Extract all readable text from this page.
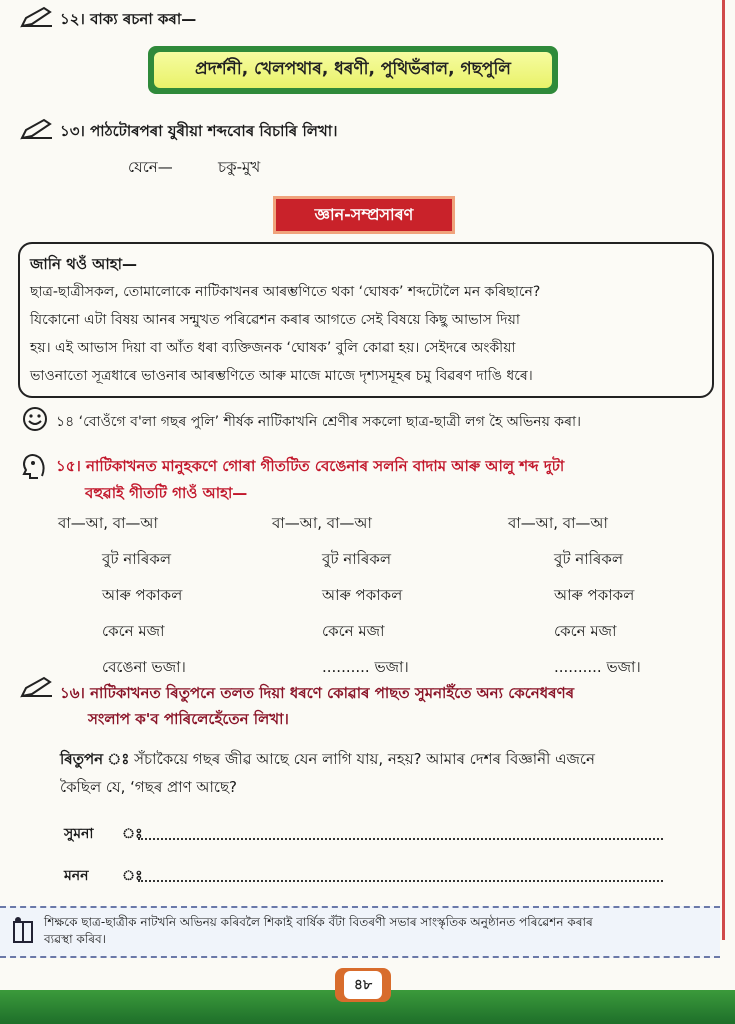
১২। বাক্য ৰচনা কৰা—
প্ৰদৰ্শনী, খেলপথাৰ, ধৰণী, পুথিভঁৰাল, গছপুলি
১৩। পাঠটোৰপৰা যুৰীয়া শব্দবোৰ বিচাৰি লিখা।
যেনে—	চকু-মুখ
জ্ঞান-সম্প্ৰসাৰণ
জানি থওঁ আহা—
ছাত্ৰ-ছাত্ৰীসকল, তোমালোকে নাটিকাখনৰ আৰম্ভণিতে থকা ‘ঘোষক’ শব্দটোলৈ মন কৰিছানে?
যিকোনো এটা বিষয় আনৰ সন্মুখত পৰিৱেশন কৰাৰ আগতে সেই বিষয়ে কিছু আভাস দিয়া
হয়। এই আভাস দিয়া বা আঁত ধৰা ব্যক্তিজনক ‘ঘোষক’ বুলি কোৱা হয়। সেইদৰে অংকীয়া
ভাওনাতো সূত্ৰধাৰে ভাওনাৰ আৰম্ভণিতে আৰু মাজে মাজে দৃশ্যসমূহৰ চমু বিৱৰণ দাঙি ধৰে।
১৪ ‘বোওঁগে ব'লা গছৰ পুলি’ শীৰ্ষক নাটিকাখনি শ্ৰেণীৰ সকলো ছাত্ৰ-ছাত্ৰী লগ হৈ অভিনয় কৰা।
১৫। নাটিকাখনত মানুহকণে গোৰা গীতটিত বেঙেনাৰ সলনি বাদাম আৰু আলু শব্দ দুটা
বহুৱাই গীতটি গাওঁ আহা—
বা—আ, বা—আ
বুট নাৰিকল
আৰু পকাকল
কেনে মজা
বেঙেনা ভজা।
বা—আ, বা—আ
বুট নাৰিকল
আৰু পকাকল
কেনে মজা
.......... ভজা।
বা—আ, বা—আ
বুট নাৰিকল
আৰু পকাকল
কেনে মজা
.......... ভজা।
১৬। নাটিকাখনত ৰিতুপনে তলত দিয়া ধৰণে কোৱাৰ পাছত সুমনাইঁতে অন্য কেনেধৰণৰ
সংলাপ ক'ব পাৰিলেহেঁতেন লিখা।
ৰিতুপন ঃ সঁচাকৈয়ে গছৰ জীৱ আছে যেন লাগি যায়, নহয়? আমাৰ দেশৰ বিজ্ঞানী এজনে
কৈছিল যে, ‘গছৰ প্ৰাণ আছে?
সুমনা ঃ
মনন ঃ
শিক্ষকে ছাত্ৰ-ছাত্ৰীক নাটখনি অভিনয় কৰিবলৈ শিকাই বাৰ্ষিক বঁটা বিতৰণী সভাৰ সাংস্কৃতিক অনুষ্ঠানত পৰিৱেশন কৰাৰ
ব্যৱস্থা কৰিব।
৪৮
